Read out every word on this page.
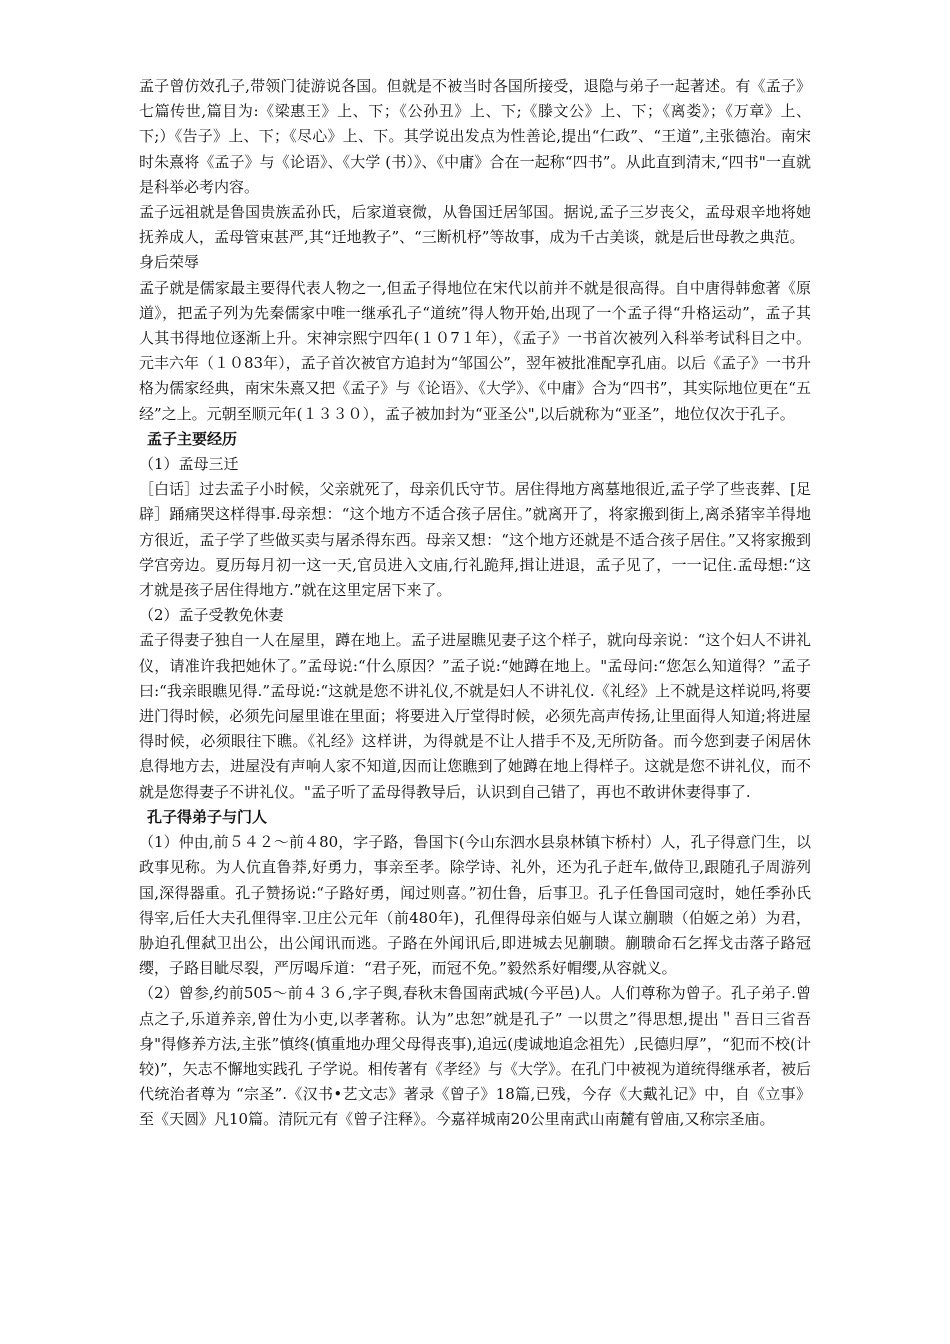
孟子曾仿效孔子,带领门徒游说各国。但就是不被当时各国所接受，退隐与弟子一起著述。有《孟子》七篇传世,篇目为:《梁惠王》上、下；《公孙丑》上、下;《滕文公》上、下；《离娄》；《万章》上、下;）《告子》上、下；《尽心》上、下。其学说出发点为性善论,提出“仁政”、“王道”,主张德治。南宋时朱熹将《孟子》与《论语》、《大学 (书）》、《中庸》合在一起称“四书”。从此直到清末,“四书"一直就是科举必考内容。

孟子远祖就是鲁国贵族孟孙氏，后家道衰微，从鲁国迁居邹国。据说,孟子三岁丧父，孟母艰辛地将她抚养成人，孟母管束甚严,其“迁地教子”、“三断机杼”等故事，成为千古美谈，就是后世母教之典范。

身后荣辱

孟子就是儒家最主要得代表人物之一,但孟子得地位在宋代以前并不就是很高得。自中唐得韩愈著《原道》，把孟子列为先秦儒家中唯一继承孔子“道统”得人物开始,出现了一个孟子得“升格运动”，孟子其人其书得地位逐渐上升。宋神宗熙宁四年(１０7１年），《孟子》一书首次被列入科举考试科目之中。元丰六年（１０83年），孟子首次被官方追封为“邹国公”，翌年被批准配享孔庙。以后《孟子》一书升格为儒家经典，南宋朱熹又把《孟子》与《论语》、《大学》、《中庸》合为“四书”，其实际地位更在“五经”之上。元朝至顺元年(１３３０），孟子被加封为“亚圣公",以后就称为“亚圣”，地位仅次于孔子。

孟子主要经历

（1）孟母三迁

［白话］过去孟子小时候，父亲就死了，母亲仉氏守节。居住得地方离墓地很近,孟子学了些丧葬、[足辟］踊痛哭这样得事.母亲想：“这个地方不适合孩子居住。”就离开了，将家搬到街上,离杀猪宰羊得地方很近，孟子学了些做买卖与屠杀得东西。母亲又想：“这个地方还就是不适合孩子居住。”又将家搬到学宫旁边。夏历每月初一这一天,官员进入文庙,行礼跪拜,揖让进退，孟子见了，一一记住.孟母想:“这才就是孩子居住得地方.”就在这里定居下来了。

（2）孟子受教免休妻

孟子得妻子独自一人在屋里，蹲在地上。孟子进屋瞧见妻子这个样子，就向母亲说：“这个妇人不讲礼仪，请准许我把她休了。”孟母说:“什么原因？”孟子说:“她蹲在地上。"孟母问:“您怎么知道得？”孟子曰:“我亲眼瞧见得.”孟母说:“这就是您不讲礼仪,不就是妇人不讲礼仪.《礼经》上不就是这样说吗,将要进门得时候，必须先问屋里谁在里面；将要进入厅堂得时候，必须先高声传扬,让里面得人知道;将进屋得时候，必须眼往下瞧。《礼经》这样讲，为得就是不让人措手不及,无所防备。而今您到妻子闲居休息得地方去，进屋没有声响人家不知道,因而让您瞧到了她蹲在地上得样子。这就是您不讲礼仪，而不就是您得妻子不讲礼仪。"孟子听了孟母得教导后，认识到自己错了，再也不敢讲休妻得事了.

孔子得弟子与门人

（1）仲由,前５４２～前４80，字子路，鲁国卞(今山东泗水县泉林镇卞桥村）人，孔子得意门生，以政事见称。为人伉直鲁莽,好勇力，事亲至孝。除学诗、礼外，还为孔子赶车,做侍卫,跟随孔子周游列国,深得器重。孔子赞扬说:“子路好勇，闻过则喜。”初仕鲁，后事卫。孔子任鲁国司寇时，她任季孙氏得宰,后任大夫孔俚得宰.卫庄公元年（前480年)，孔俚得母亲伯姬与人谋立蒯聩（伯姬之弟）为君，胁迫孔俚弑卫出公，出公闻讯而逃。子路在外闻讯后,即进城去见蒯聩。蒯聩命石乞挥戈击落子路冠缨，子路目眦尽裂，严厉喝斥道：“君子死，而冠不免。”毅然系好帽缨,从容就义。

（2）曾参,约前505～前４３６,字子舆,春秋末鲁国南武城(今平邑)人。人们尊称为曾子。孔子弟子.曾点之子,乐道养亲,曾仕为小吏,以孝著称。认为”忠恕”就是孔子” 一以贯之”得思想,提出＂吾日三省吾身"得修养方法,主张”慎终(慎重地办理父母得丧事),追远(虔诚地追念祖先）,民德归厚”，“犯而不校(计较)”，矢志不懈地实践孔 子学说。相传著有《孝经》与《大学》。在孔门中被视为道统得继承者，被后代统治者尊为 “宗圣”.《汉书•艺文志》著录《曾子》18篇,已残，今存《大戴礼记》中，自《立事》至《天圆》凡10篇。清阮元有《曾子注释》。今嘉祥城南20公里南武山南麓有曾庙,又称宗圣庙。
